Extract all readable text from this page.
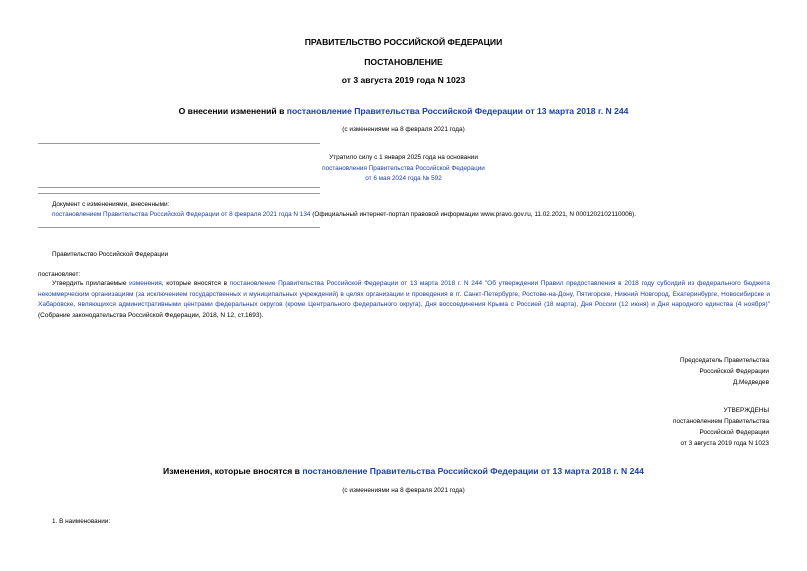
ПРАВИТЕЛЬСТВО РОССИЙСКОЙ ФЕДЕРАЦИИ
ПОСТАНОВЛЕНИЕ
от 3 августа 2019 года N 1023
О внесении изменений в постановление Правительства Российской Федерации от 13 марта 2018 г. N 244
(с изменениями на 8 февраля 2021 года)
Утратило силу с 1 января 2025 года на основании
постановления Правительства Российской Федерации
от 6 мая 2024 года № 592
Документ с изменениями, внесенными:
постановлением Правительства Российской Федерации от 8 февраля 2021 года N 134 (Официальный интернет-портал правовой информации www.pravo.gov.ru, 11.02.2021, N 0001202102110006).
Правительство Российской Федерации
постановляет:
Утвердить прилагаемые изменения, которые вносятся в постановление Правительства Российской Федерации от 13 марта 2018 г. N 244 "Об утверждении Правил предоставления в 2018 году субсидий из федерального бюджета некоммерческим организациям (за исключением государственных и муниципальных учреждений) в целях организации и проведения в гг. Санкт-Петербурге, Ростове-на-Дону, Пятигорске, Нижний Новгород, Екатеринбурге, Новосибирске и Хабаровске, являющихся административными центрами федеральных округов (кроме Центрального федерального округа), Дня воссоединения Крыма с Россией (18 марта), Дня России (12 июня) и Дня народного единства (4 ноября)" (Собрание законодательства Российской Федерации, 2018, N 12, ст.1693).
Председатель Правительства
Российской Федерации
Д.Медведев
УТВЕРЖДЕНЫ
постановлением Правительства
Российской Федерации
от 3 августа 2019 года N 1023
Изменения, которые вносятся в постановление Правительства Российской Федерации от 13 марта 2018 г. N 244
(с изменениями на 8 февраля 2021 года)
1. В наименовании:
